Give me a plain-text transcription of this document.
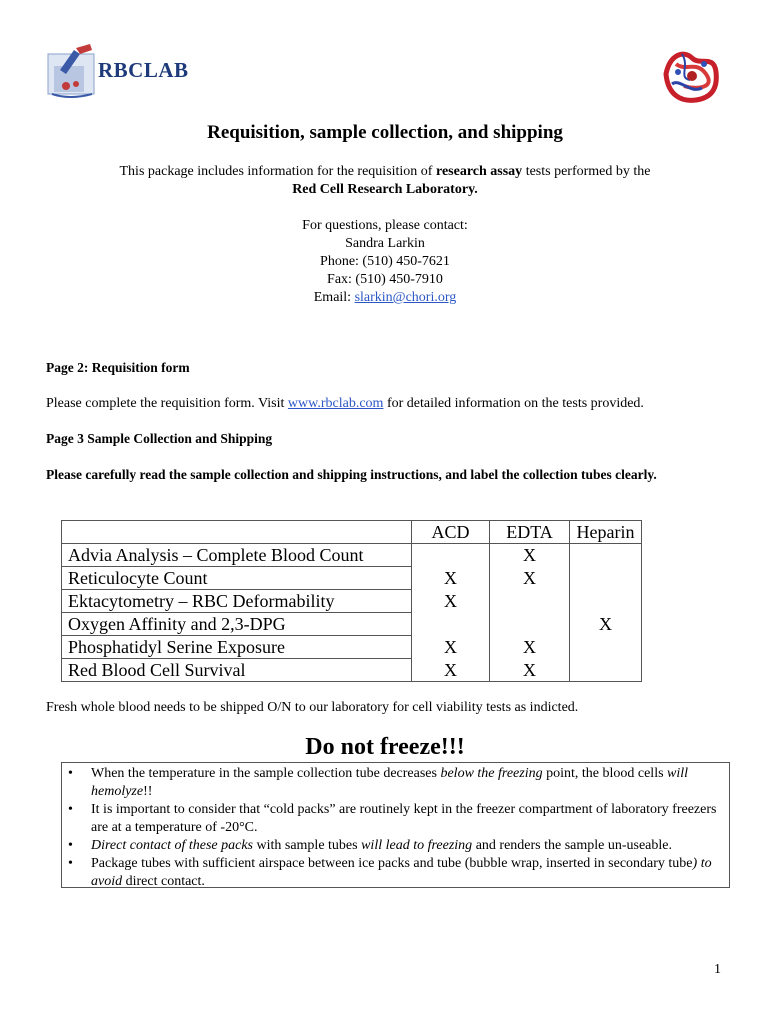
RBCLAB
Requisition, sample collection, and shipping
This package includes information for the requisition of research assay tests performed by the
Red Cell Research Laboratory.
For questions, please contact:
Sandra Larkin
Phone: (510) 450-7621
Fax: (510) 450-7910
Email: slarkin@chori.org
Page 2: Requisition form
Please complete the requisition form. Visit www.rbclab.com for detailed information on the tests provided.
Page 3 Sample Collection and Shipping
Please carefully read the sample collection and shipping instructions, and label the collection tubes clearly.
	ACD	EDTA	Heparin
Advia Analysis – Complete Blood Count		X	
Reticulocyte Count	X	X	
Ektacytometry – RBC Deformability	X		
Oxygen Affinity and 2,3-DPG			X
Phosphatidyl Serine Exposure	X	X	
Red Blood Cell Survival	X	X	
Fresh whole blood needs to be shipped O/N to our laboratory for cell viability tests as indicted.
Do not freeze!!!
• When the temperature in the sample collection tube decreases below the freezing point, the blood cells will hemolyze!!
• It is important to consider that “cold packs” are routinely kept in the freezer compartment of laboratory freezers are at a temperature of -20°C.
• Direct contact of these packs with sample tubes will lead to freezing and renders the sample un-useable.
• Package tubes with sufficient airspace between ice packs and tube (bubble wrap, inserted in secondary tube) to avoid direct contact.
1
